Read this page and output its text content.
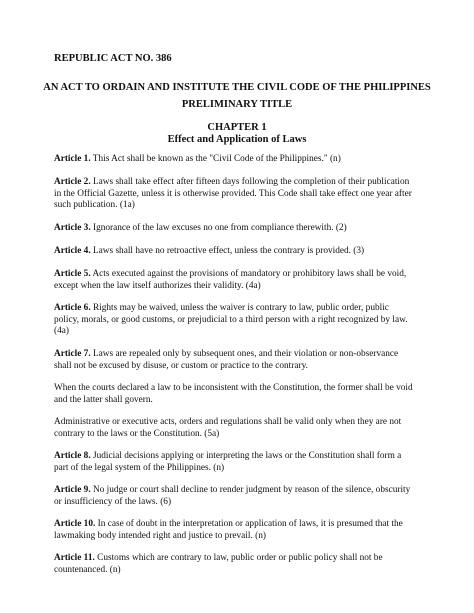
REPUBLIC ACT NO. 386
AN ACT TO ORDAIN AND INSTITUTE THE CIVIL CODE OF THE PHILIPPINES
PRELIMINARY TITLE
CHAPTER 1
Effect and Application of Laws

Article 1. This Act shall be known as the "Civil Code of the Philippines." (n)

Article 2. Laws shall take effect after fifteen days following the completion of their publication
in the Official Gazette, unless it is otherwise provided. This Code shall take effect one year after
such publication. (1a)

Article 3. Ignorance of the law excuses no one from compliance therewith. (2)

Article 4. Laws shall have no retroactive effect, unless the contrary is provided. (3)

Article 5. Acts executed against the provisions of mandatory or prohibitory laws shall be void,
except when the law itself authorizes their validity. (4a)

Article 6. Rights may be waived, unless the waiver is contrary to law, public order, public
policy, morals, or good customs, or prejudicial to a third person with a right recognized by law.
(4a)

Article 7. Laws are repealed only by subsequent ones, and their violation or non-observance
shall not be excused by disuse, or custom or practice to the contrary.

When the courts declared a law to be inconsistent with the Constitution, the former shall be void
and the latter shall govern.

Administrative or executive acts, orders and regulations shall be valid only when they are not
contrary to the laws or the Constitution. (5a)

Article 8. Judicial decisions applying or interpreting the laws or the Constitution shall form a
part of the legal system of the Philippines. (n)

Article 9. No judge or court shall decline to render judgment by reason of the silence, obscurity
or insufficiency of the laws. (6)

Article 10. In case of doubt in the interpretation or application of laws, it is presumed that the
lawmaking body intended right and justice to prevail. (n)

Article 11. Customs which are contrary to law, public order or public policy shall not be
countenanced. (n)
